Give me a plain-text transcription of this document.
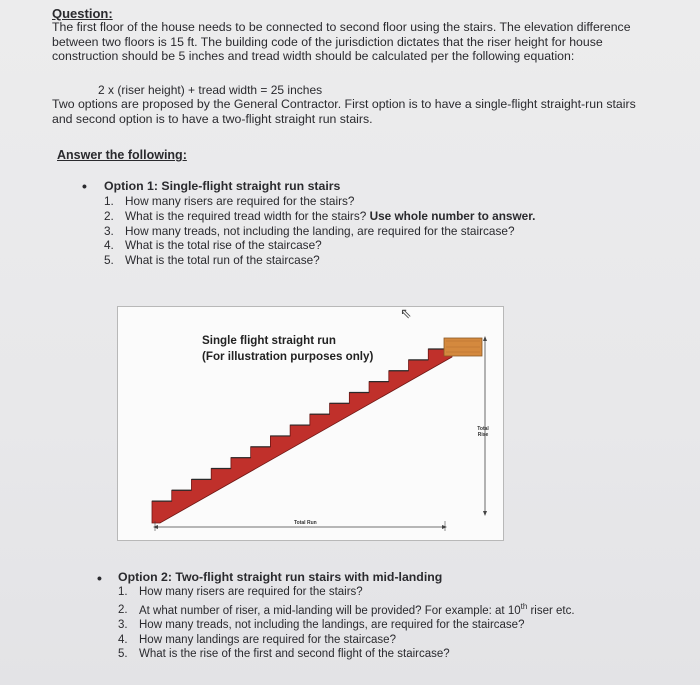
Question:
The first floor of the house needs to be connected to second floor using the stairs. The elevation difference between two floors is 15 ft. The building code of the jurisdiction dictates that the riser height for house construction should be 5 inches and tread width should be calculated per the following equation:
2 x (riser height) + tread width = 25 inches
Two options are proposed by the General Contractor. First option is to have a single-flight straight-run stairs and second option is to have a two-flight straight run stairs.
Answer the following:
• Option 1: Single-flight straight run stairs
1. How many risers are required for the stairs?
2. What is the required tread width for the stairs? Use whole number to answer.
3. How many treads, not including the landing, are required for the staircase?
4. What is the total rise of the staircase?
5. What is the total run of the staircase?
Single flight straight run
(For illustration purposes only)
Total
Rise
Total Run
⇖
• Option 2: Two-flight straight run stairs with mid-landing
1. How many risers are required for the stairs?
2. At what number of riser, a mid-landing will be provided? For example: at 10th riser etc.
3. How many treads, not including the landings, are required for the staircase?
4. How many landings are required for the staircase?
5. What is the rise of the first and second flight of the staircase?
